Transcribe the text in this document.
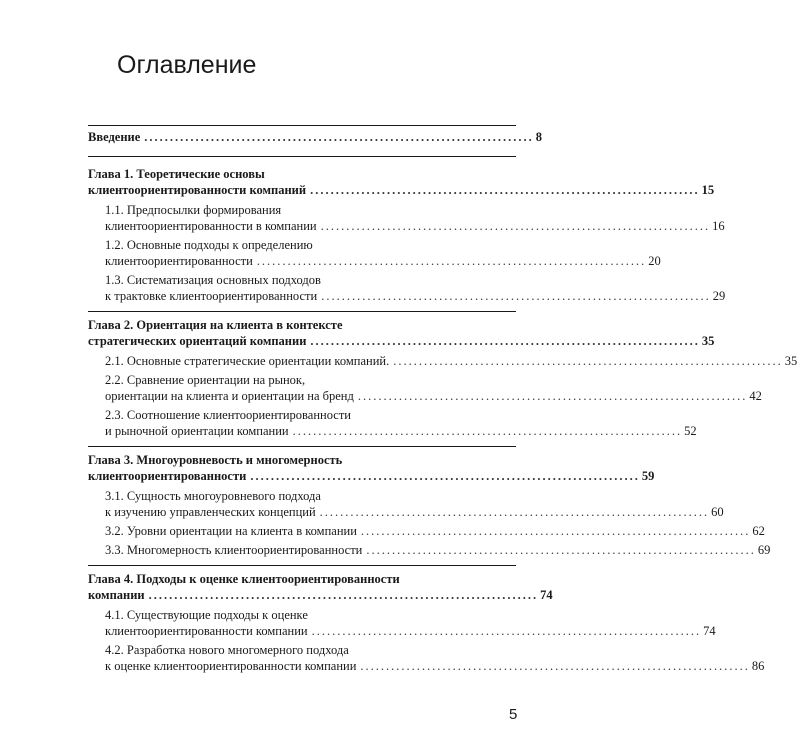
Оглавление
Введение ............................................................................ 8
Глава 1. Теоретические основы
клиентоориентированности компаний ............................................................................ 15
1.1. Предпосылки формирования
клиентоориентированности в компании ............................................................................ 16
1.2. Основные подходы к определению
клиентоориентированности ............................................................................ 20
1.3. Систематизация основных подходов
к трактовке клиентоориентированности ............................................................................ 29
Глава 2. Ориентация на клиента в контексте
стратегических ориентаций компании ............................................................................ 35
2.1. Основные стратегические ориентации компаний. ............................................................................ 35
2.2. Сравнение ориентации на рынок,
ориентации на клиента и ориентации на бренд ............................................................................ 42
2.3. Соотношение клиентоориентированности
и рыночной ориентации компании ............................................................................ 52
Глава 3. Многоуровневость и многомерность
клиентоориентированности ............................................................................ 59
3.1. Сущность многоуровневого подхода
к изучению управленческих концепций ............................................................................ 60
3.2. Уровни ориентации на клиента в компании ............................................................................ 62
3.3. Многомерность клиентоориентированности ............................................................................ 69
Глава 4. Подходы к оценке клиентоориентированности
компании ............................................................................ 74
4.1. Существующие подходы к оценке
клиентоориентированности компании ............................................................................ 74
4.2. Разработка нового многомерного подхода
к оценке клиентоориентированности компании ............................................................................ 86
5
